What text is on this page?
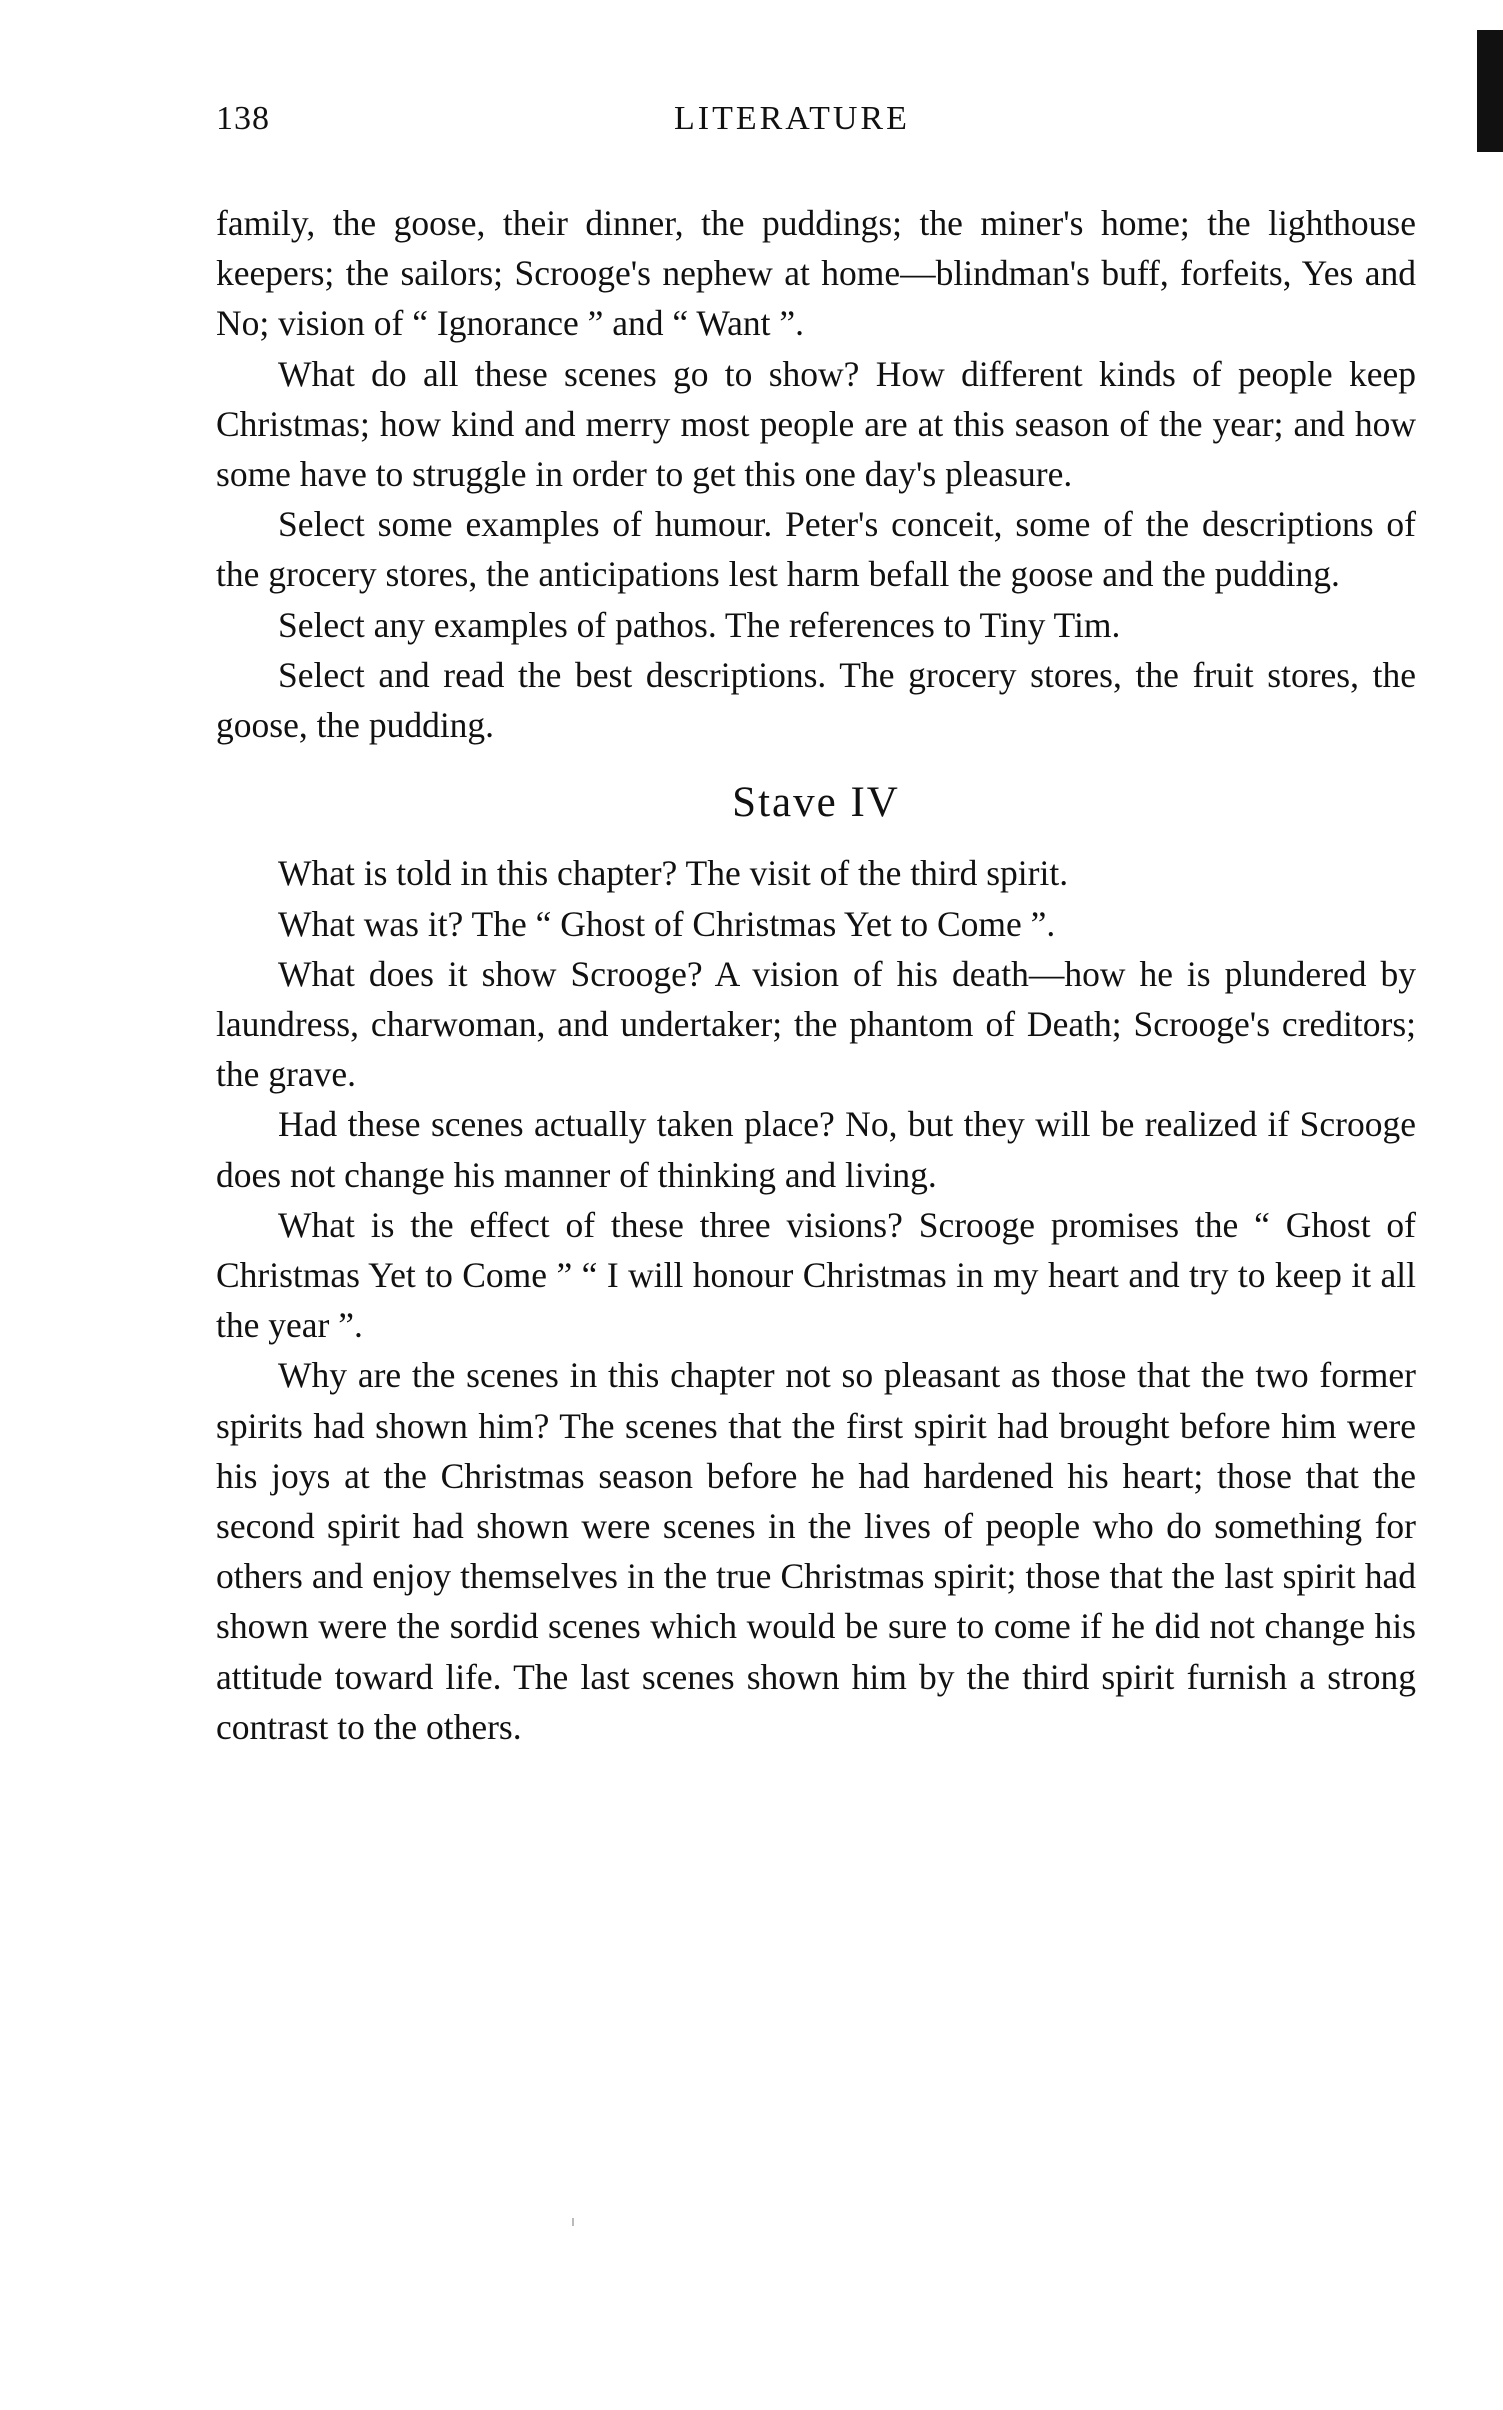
138	LITERATURE

family, the goose, their dinner, the puddings; the miner's home; the lighthouse keepers; the sailors; Scrooge's nephew at home—blindman's buff, forfeits, Yes and No; vision of “ Ignorance ” and “ Want ”.

What do all these scenes go to show? How different kinds of people keep Christmas; how kind and merry most people are at this season of the year; and how some have to struggle in order to get this one day's pleasure.

Select some examples of humour. Peter's conceit, some of the descriptions of the grocery stores, the anticipations lest harm befall the goose and the pudding.

Select any examples of pathos. The references to Tiny Tim.

Select and read the best descriptions. The grocery stores, the fruit stores, the goose, the pudding.

Stave IV

What is told in this chapter? The visit of the third spirit.

What was it? The “ Ghost of Christmas Yet to Come ”.

What does it show Scrooge? A vision of his death—how he is plundered by laundress, charwoman, and undertaker; the phantom of Death; Scrooge's creditors; the grave.

Had these scenes actually taken place? No, but they will be realized if Scrooge does not change his manner of thinking and living.

What is the effect of these three visions? Scrooge promises the “ Ghost of Christmas Yet to Come ” “ I will honour Christmas in my heart and try to keep it all the year ”.

Why are the scenes in this chapter not so pleasant as those that the two former spirits had shown him? The scenes that the first spirit had brought before him were his joys at the Christmas season before he had hardened his heart; those that the second spirit had shown were scenes in the lives of people who do something for others and enjoy themselves in the true Christmas spirit; those that the last spirit had shown were the sordid scenes which would be sure to come if he did not change his attitude toward life. The last scenes shown him by the third spirit furnish a strong contrast to the others.
